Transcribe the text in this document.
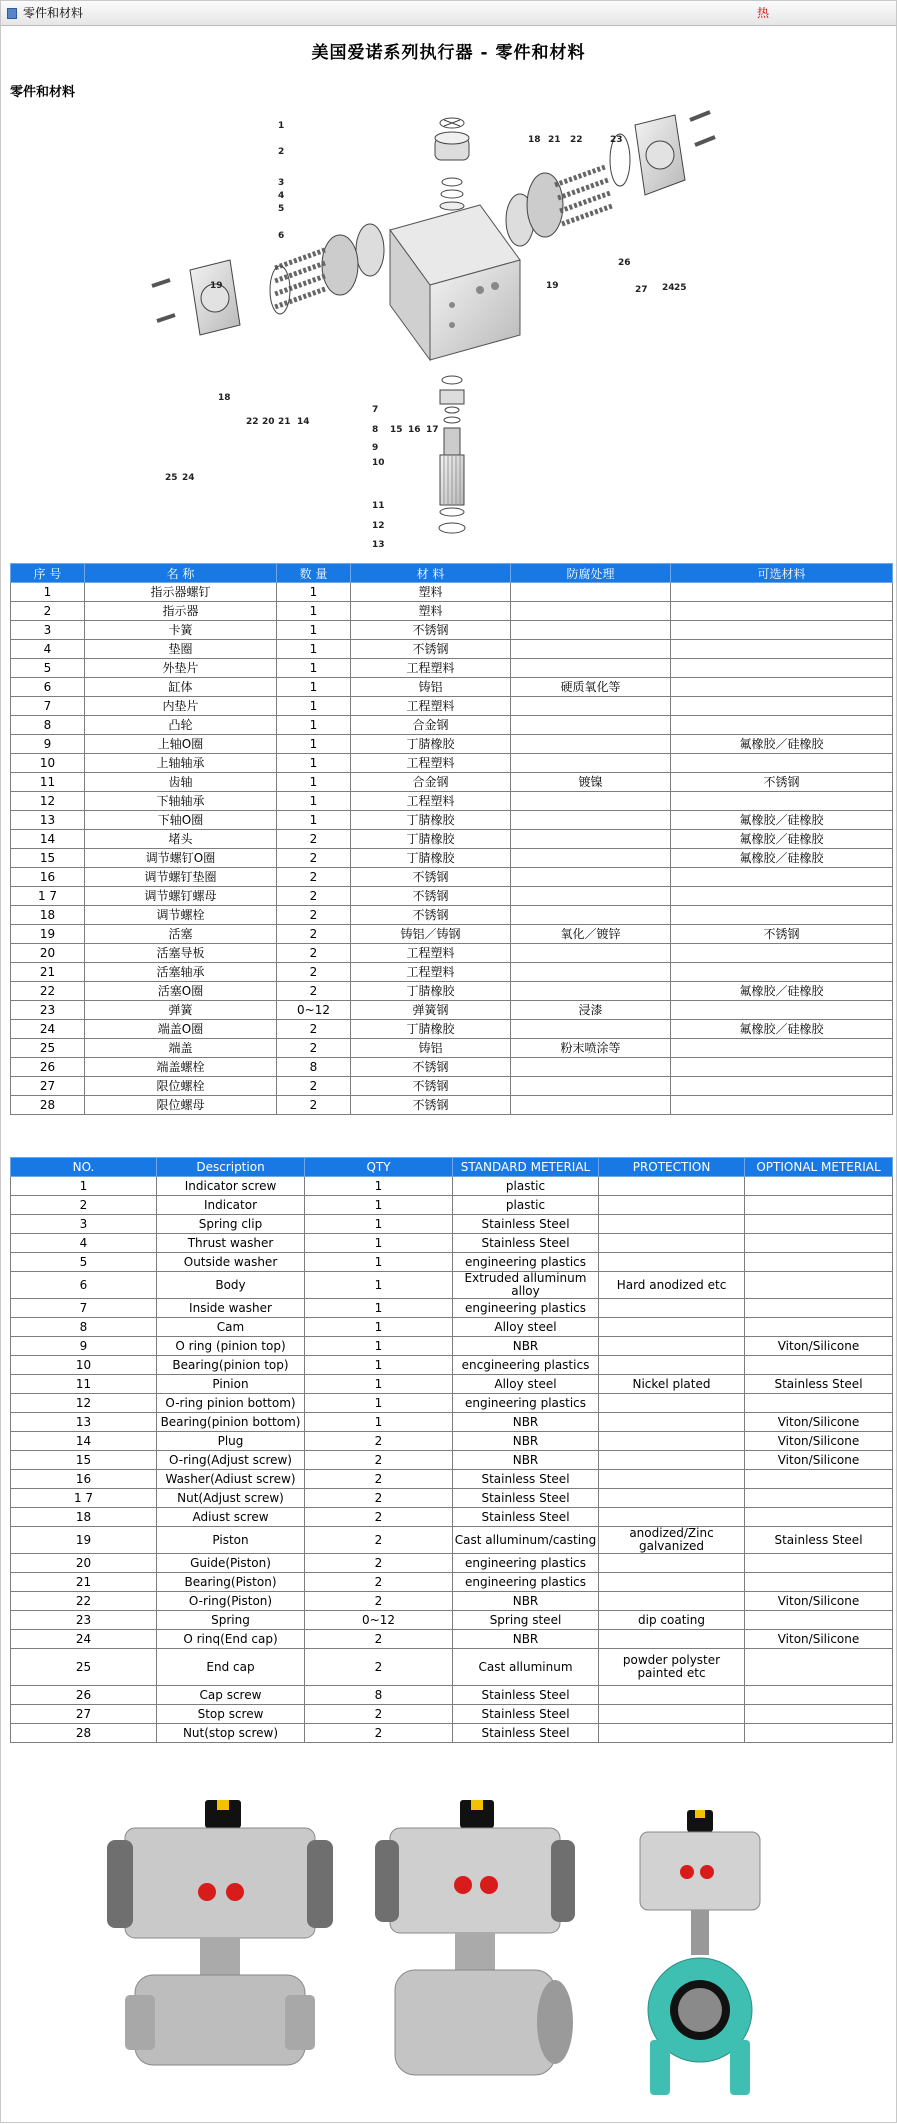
零件和材料	热
美国爱诺系列执行器 - 零件和材料
零件和材料
1
2
3
4
5
6
7
8
9
10
11
12
13
14
15 16 17
18
19	19
20 21
21
22
22	23
24
24
25
25
26
27
18
序 号	名 称	数 量	材 料	防腐处理	可选材料
1	指示器螺钉	1	塑料		
2	指示器	1	塑料		
3	卡簧	1	不锈钢		
4	垫圈	1	不锈钢		
5	外垫片	1	工程塑料		
6	缸体	1	铸铝	硬质氧化等	
7	内垫片	1	工程塑料		
8	凸轮	1	合金钢		
9	上轴O圈	1	丁腈橡胶		氟橡胶／硅橡胶
10	上轴轴承	1	工程塑料		
11	齿轴	1	合金钢	镀镍	不锈钢
12	下轴轴承	1	工程塑料		
13	下轴O圈	1	丁腈橡胶		氟橡胶／硅橡胶
14	堵头	2	丁腈橡胶		氟橡胶／硅橡胶
15	调节螺钉O圈	2	丁腈橡胶		氟橡胶／硅橡胶
16	调节螺钉垫圈	2	不锈钢		
1 7	调节螺钉螺母	2	不锈钢		
18	调节螺栓	2	不锈钢		
19	活塞	2	铸铝／铸钢	氧化／镀锌	不锈钢
20	活塞导板	2	工程塑料		
21	活塞轴承	2	工程塑料		
22	活塞O圈	2	丁腈橡胶		氟橡胶／硅橡胶
23	弹簧	0~12	弹簧钢	浸漆	
24	端盖O圈	2	丁腈橡胶		氟橡胶／硅橡胶
25	端盖	2	铸铝	粉末喷涂等	
26	端盖螺栓	8	不锈钢		
27	限位螺栓	2	不锈钢		
28	限位螺母	2	不锈钢		
NO.	Description	QTY	STANDARD METERIAL	PROTECTION	OPTIONAL METERIAL
1	Indicator screw	1	plastic		
2	Indicator	1	plastic		
3	Spring clip	1	Stainless Steel		
4	Thrust washer	1	Stainless Steel		
5	Outside washer	1	engineering plastics		
6	Body	1	Extruded alluminum alloy	Hard anodized etc	
7	Inside washer	1	engineering plastics		
8	Cam	1	Alloy steel		
9	O ring (pinion top)	1	NBR		Viton/Silicone
10	Bearing(pinion top)	1	encgineering plastics		
11	Pinion	1	Alloy steel	Nickel plated	Stainless Steel
12	O-ring pinion bottom)	1	engineering plastics		
13	Bearing(pinion bottom)	1	NBR		Viton/Silicone
14	Plug	2	NBR		Viton/Silicone
15	O-ring(Adjust screw)	2	NBR		Viton/Silicone
16	Washer(Adiust screw)	2	Stainless Steel		
1 7	Nut(Adjust screw)	2	Stainless Steel		
18	Adiust screw	2	Stainless Steel		
19	Piston	2	Cast alluminum/casting	anodized/Zinc galvanized	Stainless Steel
20	Guide(Piston)	2	engineering plastics		
21	Bearing(Piston)	2	engineering plastics		
22	O-ring(Piston)	2	NBR		Viton/Silicone
23	Spring	0~12	Spring steel	dip coating	
24	O rinq(End cap)	2	NBR		Viton/Silicone
25	End cap	2	Cast alluminum	powder polyster painted etc	
26	Cap screw	8	Stainless Steel		
27	Stop screw	2	Stainless Steel		
28	Nut(stop screw)	2	Stainless Steel		
